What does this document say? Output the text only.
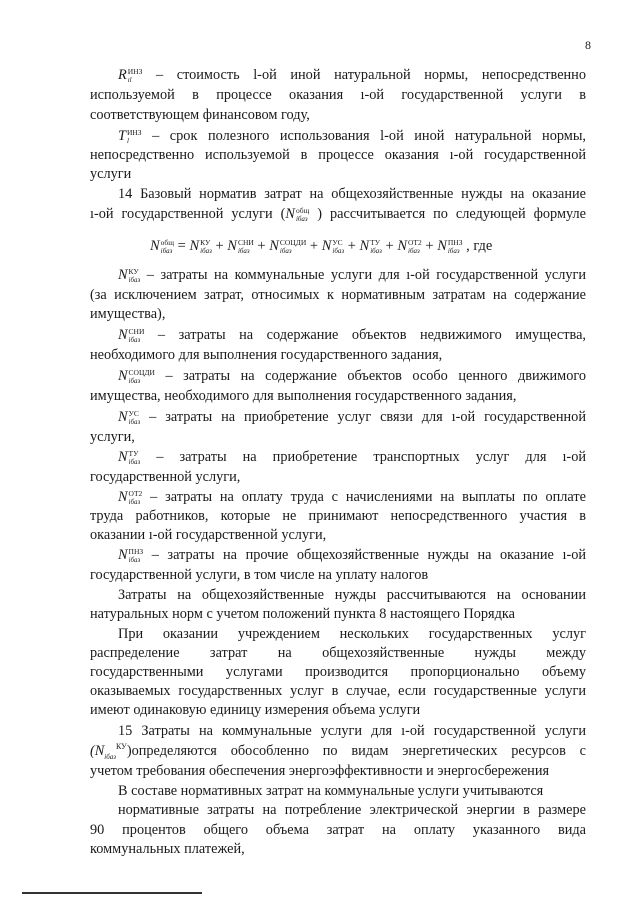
8
R ИНЗ
ıl	– стоимость l-ой иной натуральной нормы, непосредственно
используемой в процессе оказания ı-ой государственной услуги в
соответствующем финансовом году,
T ИНЗ
l	– срок полезного использования l-ой иной натуральной нормы,
непосредственно используемой в процессе оказания ı-ой государственной
услуги
14 Базовый норматив затрат на общехозяйственные нужды на оказание
ı-ой государственной услуги (N общ
iбаз ) рассчитывается по следующей формуле
N общ
iбаз = N КУ
iбаз + N СНИ
iбаз + N СОЦДИ
iбаз	+ N УС
iбаз + N ТУ
iбаз + N ОТ2
iбаз + N ПНЗ
iбаз , где
N КУ
iбаз – затраты на коммунальные услуги для ı-ой государственной услуги
(за исключением затрат, относимых к нормативным затратам на содержание
имущества),
N СНИ
iбаз – затраты на содержание объектов недвижимого имущества,
необходимого для выполнения государственного задания,
N СОЦДИ
iбаз	– затраты на содержание объектов особо ценного движимого
имущества, необходимого для выполнения государственного задания,
N УС
iбаз – затраты на приобретение услуг связи для ı-ой государственной
услуги,
N ТУ
iбаз – затраты на приобретение транспортных услуг для ı-ой
государственной услуги,
N ОТ2
iбаз – затраты на оплату труда с начислениями на выплаты по оплате
труда работников, которые не принимают непосредственного участия в
оказании ı-ой государственной услуги,
N ПНЗ
iбаз – затраты на прочие общехозяйственные нужды на оказание ı-ой
государственной услуги, в том числе на уплату налогов
Затраты на общехозяйственные нужды рассчитываются на основании
натуральных норм с учетом положений пункта 8 настоящего Порядка
При оказании учреждением нескольких государственных услуг
распределение затрат на общехозяйственные нужды между
государственными услугами производится пропорционально объему
оказываемых государственных услуг в случае, если государственные услуги
имеют одинаковую единицу измерения объема услуги
15 Затраты на коммунальные услуги для ı-ой государственной услуги
$(N_{iбаз}^{КУ})определяются$ обособленно по видам энергетических ресурсов с
учетом требования обеспечения энергоэффективности и энергосбережения
В составе нормативных затрат на коммунальные услуги учитываются
нормативные затраты на потребление электрической энергии в размере
90 процентов общего объема затрат на оплату указанного вида
коммунальных платежей,
